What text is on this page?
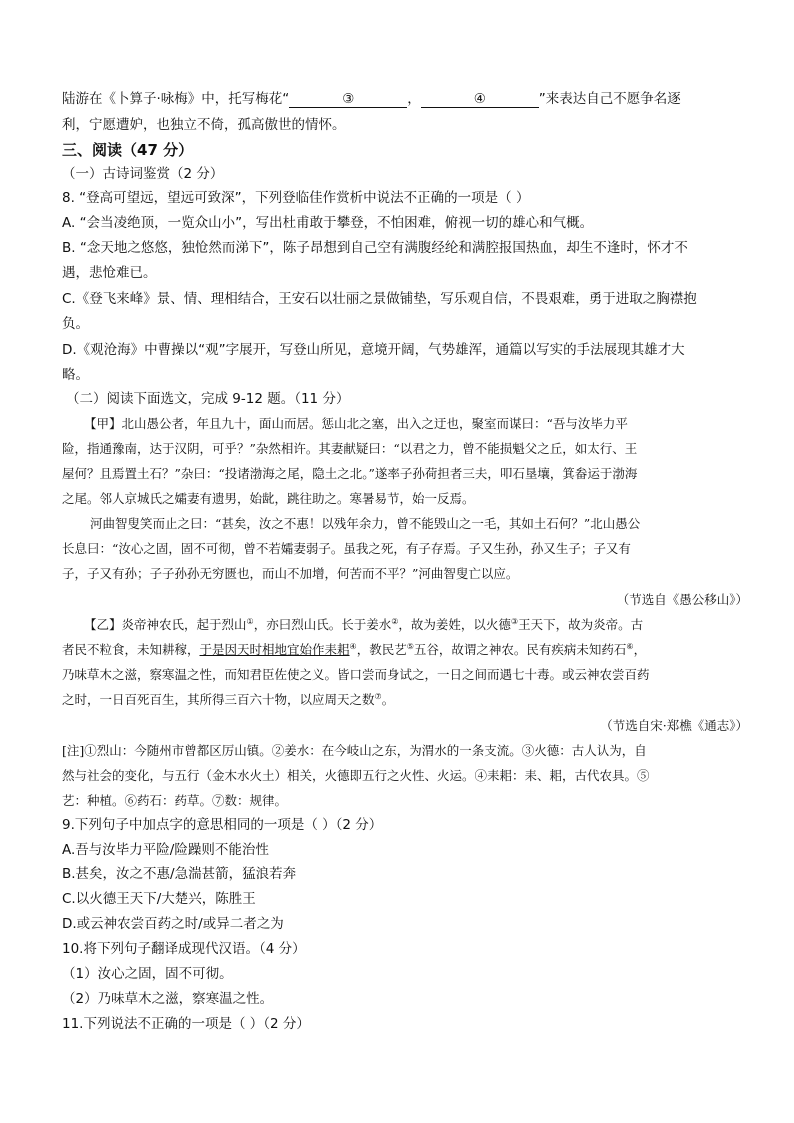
陆游在《卜算子·咏梅》中，托写梅花“	③	，	④	”来表达自己不愿争名逐
利，宁愿遭妒，也独立不倚，孤高傲世的情怀。
三、阅读（47 分）
（一）古诗词鉴赏（2 分）
8. “登高可望远，望远可致深”，下列登临佳作赏析中说法不正确的一项是（ ）
A. “会当凌绝顶，一览众山小”，写出杜甫敢于攀登，不怕困难，俯视一切的雄心和气概。
B. “念天地之悠悠，独怆然而涕下”，陈子昂想到自己空有满腹经纶和满腔报国热血，却生不逢时，怀才不
遇，悲怆难已。
C.《登飞来峰》景、情、理相结合，王安石以壮丽之景做铺垫，写乐观自信，不畏艰难，勇于进取之胸襟抱
负。
D.《观沧海》中曹操以“观”字展开，写登山所见，意境开阔，气势雄浑，通篇以写实的手法展现其雄才大
略。
（二）阅读下面选文，完成 9-12 题。（11 分）
【甲】北山愚公者，年且九十，面山而居。惩山北之塞，出入之迂也，聚室而谋曰：“吾与汝毕力平
险，指通豫南，达于汉阴，可乎？”杂然相许。其妻献疑曰：“以君之力，曾不能损魁父之丘，如太行、王
屋何？且焉置土石？”杂曰：“投诸渤海之尾，隐土之北。”遂率子孙荷担者三夫，叩石垦壤，箕畚运于渤海
之尾。邻人京城氏之孀妻有遗男，始龀，跳往助之。寒暑易节，始一反焉。
河曲智叟笑而止之曰：“甚矣，汝之不惠！以残年余力，曾不能毁山之一毛，其如土石何？”北山愚公
长息曰：“汝心之固，固不可彻，曾不若孀妻弱子。虽我之死，有子存焉。子又生孙，孙又生子；子又有
子，子又有孙；子子孙孙无穷匮也，而山不加增，何苦而不平？”河曲智叟亡以应。
（节选自《愚公移山》）
【乙】炎帝神农氏，起于烈山①，亦曰烈山氏。长于姜水②，故为姜姓，以火德③王天下，故为炎帝。古
者民不粒食，未知耕稼，于是因天时相地宜始作耒耜④，教民艺⑤五谷，故谓之神农。民有疾病未知药石⑥，
乃味草木之滋，察寒温之性，而知君臣佐使之义。皆口尝而身试之，一日之间而遇七十毒。或云神农尝百药
之时，一日百死百生，其所得三百六十物，以应周天之数⑦。
（节选自宋·郑樵《通志》）
[注]①烈山：今随州市曾都区厉山镇。②姜水：在今岐山之东，为渭水的一条支流。③火德：古人认为，自
然与社会的变化，与五行（金木水火土）相关，火德即五行之火性、火运。④耒耜：耒、耜，古代农具。⑤
艺：种植。⑥药石：药草。⑦数：规律。
9.下列句子中加点字的意思相同的一项是（ ）（2 分）
A.吾与汝毕力平险/险躁则不能治性
B.甚矣，汝之不惠/急湍甚箭，猛浪若奔
C.以火德王天下/大楚兴，陈胜王
D.或云神农尝百药之时/或异二者之为
10.将下列句子翻译成现代汉语。（4 分）
（1）汝心之固，固不可彻。
（2）乃味草木之滋，察寒温之性。
11.下列说法不正确的一项是（ ）（2 分）
